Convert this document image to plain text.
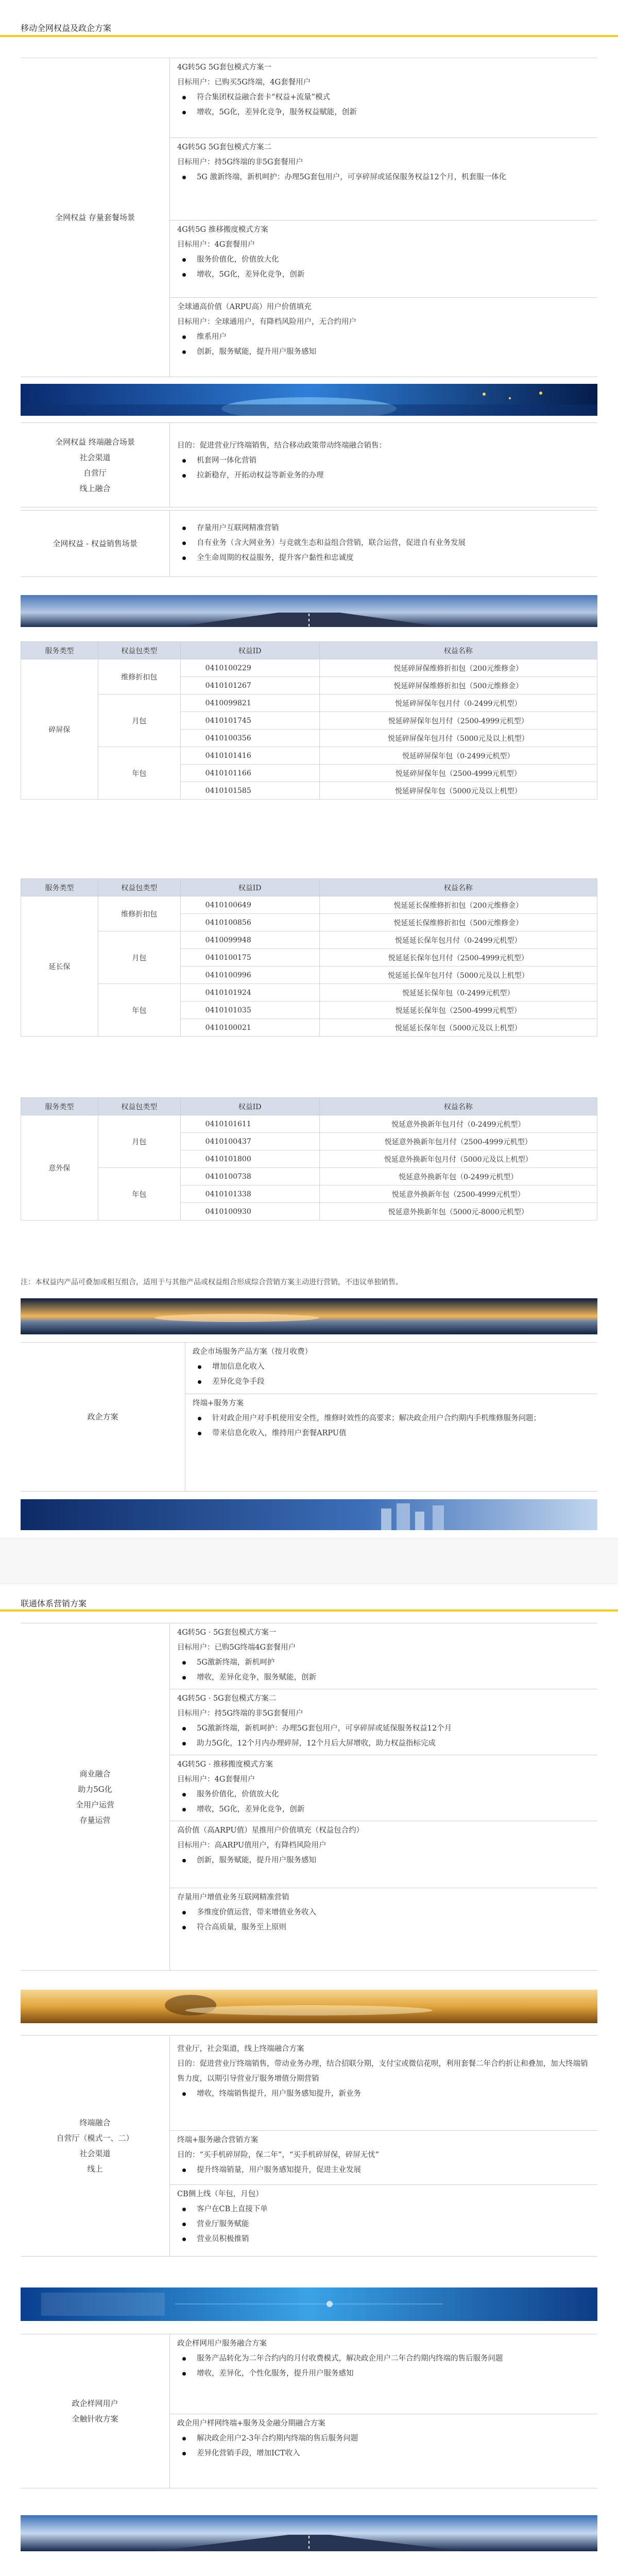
移动全网权益及政企方案
全网权益 存量套餐场景
4G转5G 5G套包模式方案一
目标用户：已购买5G终端，4G套餐用户
符合集团权益融合套卡“权益+流量”模式
增收，5G化，差异化竞争，服务权益赋能，创新
4G转5G 5G套包模式方案二
目标用户：持5G终端的非5G套餐用户
5G 激新终端，新机呵护：办理5G套包用户，可享碎屏或延保服务权益12个月，机套服一体化
4G转5G 推移搬度模式方案
目标用户：4G套餐用户
服务价值化，价值放大化
增收，5G化，差异化竞争，创新
全球通高价值（ARPU高）用户价值填充
目标用户：全球通用户，有降档风险用户，无合约用户
维系用户
创新，服务赋能，提升用户服务感知
全网权益 终端融合场景
社会渠道
自营厅
线上融合
目的：促进营业厅终端销售，结合移动政策带动终端融合销售：
机套网一体化营销
拉新稳存，开拓动权益等新业务的办理
全网权益 - 权益销售场景
存量用户互联网精准营销
自有业务（含大网业务）与竞就生态和益组合营销，联合运营，促进自有业务发展
全生命周期的权益服务，提升客户黏性和忠诚度
服务类型	权益包类型	权益ID	权益名称
碎屏保	维修折扣包	0410100229	悦延碎屏保维修折扣包（200元维修金）
		0410101267	悦延碎屏保维修折扣包（500元维修金）
	月包	0410099821	悦延碎屏保年包月付（0-2499元机型）
		0410101745	悦延碎屏保年包月付（2500-4999元机型）
		0410100356	悦延碎屏保年包月付（5000元及以上机型）
	年包	0410101416	悦延碎屏保年包（0-2499元机型）
		0410101166	悦延碎屏保年包（2500-4999元机型）
		0410101585	悦延碎屏保年包（5000元及以上机型）
服务类型	权益包类型	权益ID	权益名称
延长保	维修折扣包	0410100649	悦延延长保维修折扣包（200元维修金）
		0410100856	悦延延长保维修折扣包（500元维修金）
	月包	0410099948	悦延延长保年包月付（0-2499元机型）
		0410100175	悦延延长保年包月付（2500-4999元机型）
		0410100996	悦延延长保年包月付（5000元及以上机型）
	年包	0410101924	悦延延长保年包（0-2499元机型）
		0410101035	悦延延长保年包（2500-4999元机型）
		0410100021	悦延延长保年包（5000元及以上机型）
服务类型	权益包类型	权益ID	权益名称
意外保	月包	0410101611	悦延意外换新年包月付（0-2499元机型）
		0410100437	悦延意外换新年包月付（2500-4999元机型）
		0410101800	悦延意外换新年包月付（5000元及以上机型）
	年包	0410100738	悦延意外换新年包（0-2499元机型）
		0410101338	悦延意外换新年包（2500-4999元机型）
		0410100930	悦延意外换新年包（5000元-8000元机型）
注：本权益内产品可叠加或相互组合，适用于与其他产品或权益组合形成综合营销方案主动进行营销，不违议单独销售。
政企方案
政企市场服务产品方案（按月收费）
增加信息化收入
差异化竞争手段
终端+服务方案
针对政企用户对手机使用安全性，维修时效性的高要求；解决政企用户合约期内手机维修服务问题；
带来信息化收入，维持用户套餐ARPU值
联通体系营销方案
商业融合
助力5G化
全用户运营
存量运营
4G转5G · 5G套包模式方案一
目标用户：已购5G终端4G套餐用户
5G激新终端，新机呵护
增收，差异化竞争，服务赋能，创新
4G转5G · 5G套包模式方案二
目标用户：持5G终端的非5G套餐用户
5G激新终端，新机呵护：办理5G套包用户，可享碎屏或延保服务权益12个月
助力5G化，12个月内办理碎屏，12个月后大屏增收，助力权益指标完成
4G转5G · 推移搬度模式方案
目标用户：4G套餐用户
服务价值化，价值放大化
增收，5G化，差异化竞争，创新
高价值（高ARPU值）星推用户价值填充（权益包合约）
目标用户：高ARPU值用户，有降档风险用户
创新，服务赋能，提升用户服务感知
存量用户增值业务互联网精准营销
多维度价值运营，带来增值业务收入
符合高质量，服务至上原则
终端融合
自营厅（模式一、二）
社会渠道
线上
营业厅，社会渠道，线上终端融合方案
目的：促进营业厅终端销售，带动业务办理，结合招联分期，支付宝或微信花呗，利用套餐二年合约折让和叠加，加大终端销售力度，以期引导营业厅服务增值分期营销
增收，终端销售提升，用户服务感知提升，新业务
终端+服务融合营销方案
目的：“买手机碎屏险，保二年”，“买手机碎屏保，碎屏无忧”
提升终端销量，用户服务感知提升，促进主业发展
CB侧上线（年包，月包）
客户在CB上直接下单
营业厅服务赋能
营业员积极推销
政企样网用户
全触针收方案
政企样网用户服务融合方案
服务产品转化为二年合约内的月付收费模式，解决政企用户二年合约期内终端的售后服务问题
增收，差异化，个性化服务，提升用户服务感知
政企用户样网终端+服务及金融分期融合方案
解决政企用户2-3年合约期内终端的售后服务问题
差异化营销手段，增加ICT收入
